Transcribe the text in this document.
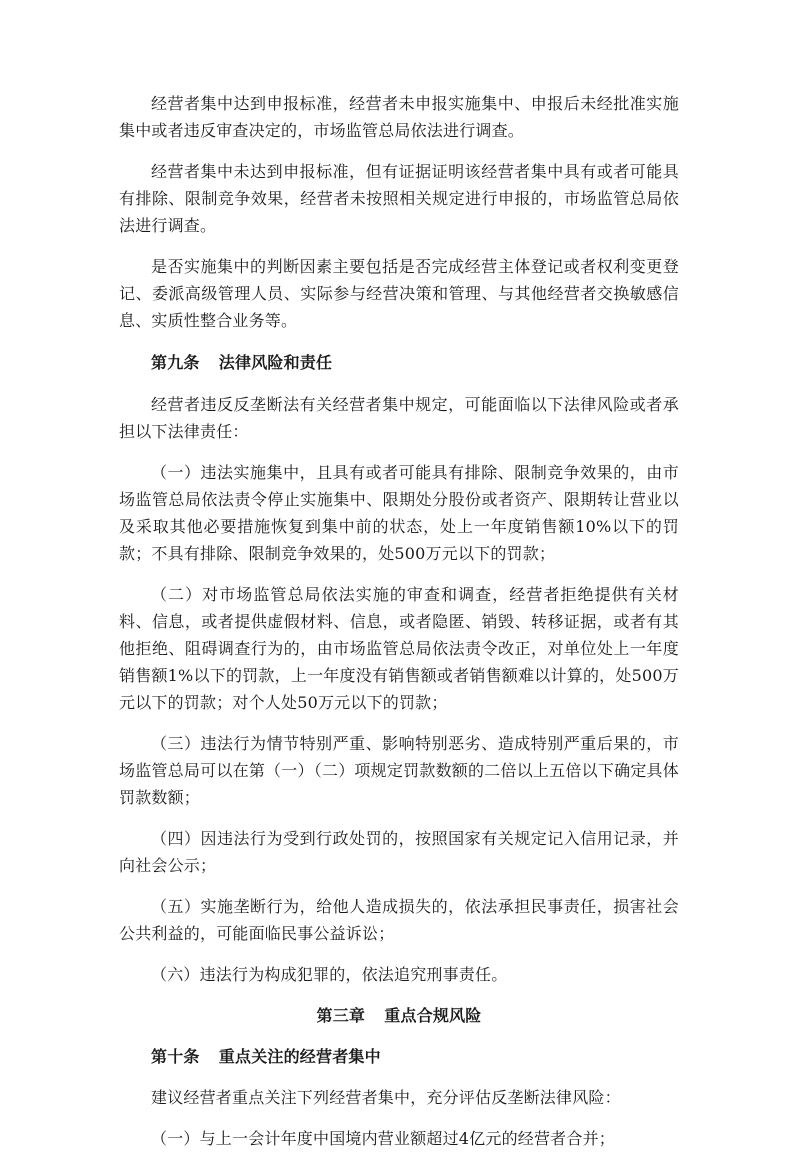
经营者集中达到申报标准，经营者未申报实施集中、申报后未经批准实施集中或者违反审查决定的，市场监管总局依法进行调查。

经营者集中未达到申报标准，但有证据证明该经营者集中具有或者可能具有排除、限制竞争效果，经营者未按照相关规定进行申报的，市场监管总局依法进行调查。

是否实施集中的判断因素主要包括是否完成经营主体登记或者权利变更登记、委派高级管理人员、实际参与经营决策和管理、与其他经营者交换敏感信息、实质性整合业务等。

第九条 法律风险和责任

经营者违反反垄断法有关经营者集中规定，可能面临以下法律风险或者承担以下法律责任：

（一）违法实施集中，且具有或者可能具有排除、限制竞争效果的，由市场监管总局依法责令停止实施集中、限期处分股份或者资产、限期转让营业以及采取其他必要措施恢复到集中前的状态，处上一年度销售额10%以下的罚款；不具有排除、限制竞争效果的，处500万元以下的罚款；

（二）对市场监管总局依法实施的审查和调查，经营者拒绝提供有关材料、信息，或者提供虚假材料、信息，或者隐匿、销毁、转移证据，或者有其他拒绝、阻碍调查行为的，由市场监管总局依法责令改正，对单位处上一年度销售额1%以下的罚款，上一年度没有销售额或者销售额难以计算的，处500万元以下的罚款；对个人处50万元以下的罚款；

（三）违法行为情节特别严重、影响特别恶劣、造成特别严重后果的，市场监管总局可以在第（一）（二）项规定罚款数额的二倍以上五倍以下确定具体罚款数额；

（四）因违法行为受到行政处罚的，按照国家有关规定记入信用记录，并向社会公示；

（五）实施垄断行为，给他人造成损失的，依法承担民事责任，损害社会公共利益的，可能面临民事公益诉讼；

（六）违法行为构成犯罪的，依法追究刑事责任。

第三章 重点合规风险
第十条 重点关注的经营者集中

建议经营者重点关注下列经营者集中，充分评估反垄断法律风险：

（一）与上一会计年度中国境内营业额超过4亿元的经营者合并；
